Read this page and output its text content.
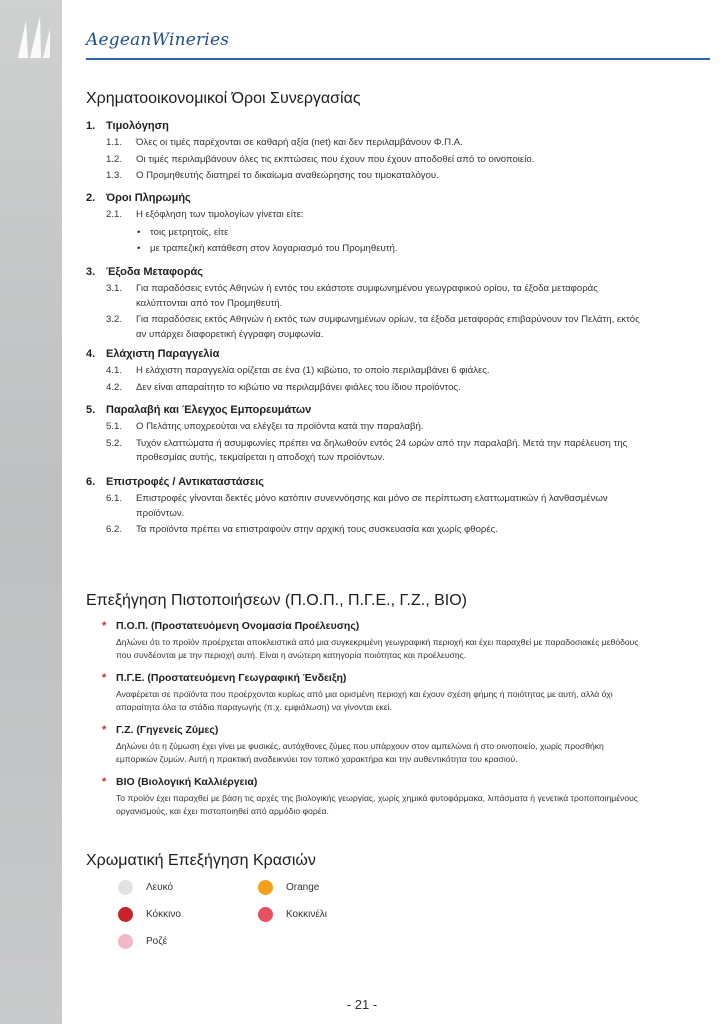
AegeanWineries
Χρηματοοικονομικοί Όροι Συνεργασίας
1. Τιμολόγηση
1.1. Όλες οι τιμές παρέχονται σε καθαρή αξία (net) και δεν περιλαμβάνουν Φ.Π.Α.
1.2. Οι τιμές περιλαμβάνουν όλες τις εκπτώσεις που έχουν που έχουν αποδοθεί από το οινοποιείο.
1.3. Ο Προμηθευτής διατηρεί το δικαίωμα αναθεώρησης του τιμοκαταλόγου.
2. Όροι Πληρωμής
2.1. Η εξόφληση των τιμολογίων γίνεται είτε:
• τοις μετρητοίς, είτε
• με τραπεζική κατάθεση στον λογαριασμό του Προμηθευτή.
3. Έξοδα Μεταφοράς
3.1. Για παραδόσεις εντός Αθηνών ή εντός του εκάστοτε συμφωνημένου γεωγραφικού ορίου, τα έξοδα μεταφοράς καλύπτονται από τον Προμηθευτή.
3.2. Για παραδόσεις εκτός Αθηνών ή εκτός των συμφωνημένων ορίων, τα έξοδα μεταφοράς επιβαρύνουν τον Πελάτη, εκτός αν υπάρχει διαφορετική έγγραφη συμφωνία.
4. Ελάχιστη Παραγγελία
4.1. Η ελάχιστη παραγγελία ορίζεται σε ένα (1) κιβώτιο, το οποίο περιλαμβάνει 6 φιάλες.
4.2. Δεν είναι απαραίτητο το κιβώτιο να περιλαμβάνει φιάλες του ίδιου προϊόντος.
5. Παραλαβή και Έλεγχος Εμπορευμάτων
5.1. Ο Πελάτης υποχρεούται να ελέγξει τα προϊόντα κατά την παραλαβή.
5.2. Τυχόν ελαττώματα ή ασυμφωνίες πρέπει να δηλωθούν εντός 24 ωρών από την παραλαβή. Μετά την παρέλευση της προθεσμίας αυτής, τεκμαίρεται η αποδοχή των προϊόντων.
6. Επιστροφές / Αντικαταστάσεις
6.1. Επιστροφές γίνονται δεκτές μόνο κατόπιν συνεννόησης και μόνο σε περίπτωση ελαττωματικών ή λανθασμένων προϊόντων.
6.2. Τα προϊόντα πρέπει να επιστραφούν στην αρχική τους συσκευασία και χωρίς φθορές.
Επεξήγηση Πιστοποιήσεων (Π.Ο.Π., Π.Γ.Ε., Γ.Ζ., ΒΙΟ)
* Π.Ο.Π. (Προστατευόμενη Ονομασία Προέλευσης)
Δηλώνει ότι το προϊόν προέρχεται αποκλειστικά από μια συγκεκριμένη γεωγραφική περιοχή και έχει παραχθεί με παραδοσιακές μεθόδους που συνδέονται με την περιοχή αυτή. Είναι η ανώτερη κατηγορία ποιότητας και προέλευσης.
* Π.Γ.Ε. (Προστατευόμενη Γεωγραφική Ένδειξη)
Αναφέρεται σε προϊόντα που προέρχονται κυρίως από μια ορισμένη περιοχή και έχουν σχέση φήμης ή ποιότητας με αυτή, αλλά όχι απαραίτητα όλα τα στάδια παραγωγής (π.χ. εμφιάλωση) να γίνονται εκεί.
* Γ.Ζ. (Γηγενείς Ζύμες)
Δηλώνει ότι η ζύμωση έχει γίνει με φυσικές, αυτόχθονες ζύμες που υπάρχουν στον αμπελώνα ή στο οινοποιείο, χωρίς προσθήκη εμπορικών ζυμών. Αυτή η πρακτική αναδεικνύει τον τοπικό χαρακτήρα και την αυθεντικότητα του κρασιού.
* ΒΙΟ (Βιολογική Καλλιέργεια)
Το προϊόν έχει παραχθεί με βάση τις αρχές της βιολογικής γεωργίας, χωρίς χημικά φυτοφάρμακα, λιπάσματα ή γενετικά τροποποιημένους οργανισμούς, και έχει πιστοποιηθεί από αρμόδιο φορέα.
Χρωματική Επεξήγηση Κρασιών
Λευκό	Orange
Κόκκινο	Κοκκινέλι
Ροζέ
- 21 -
